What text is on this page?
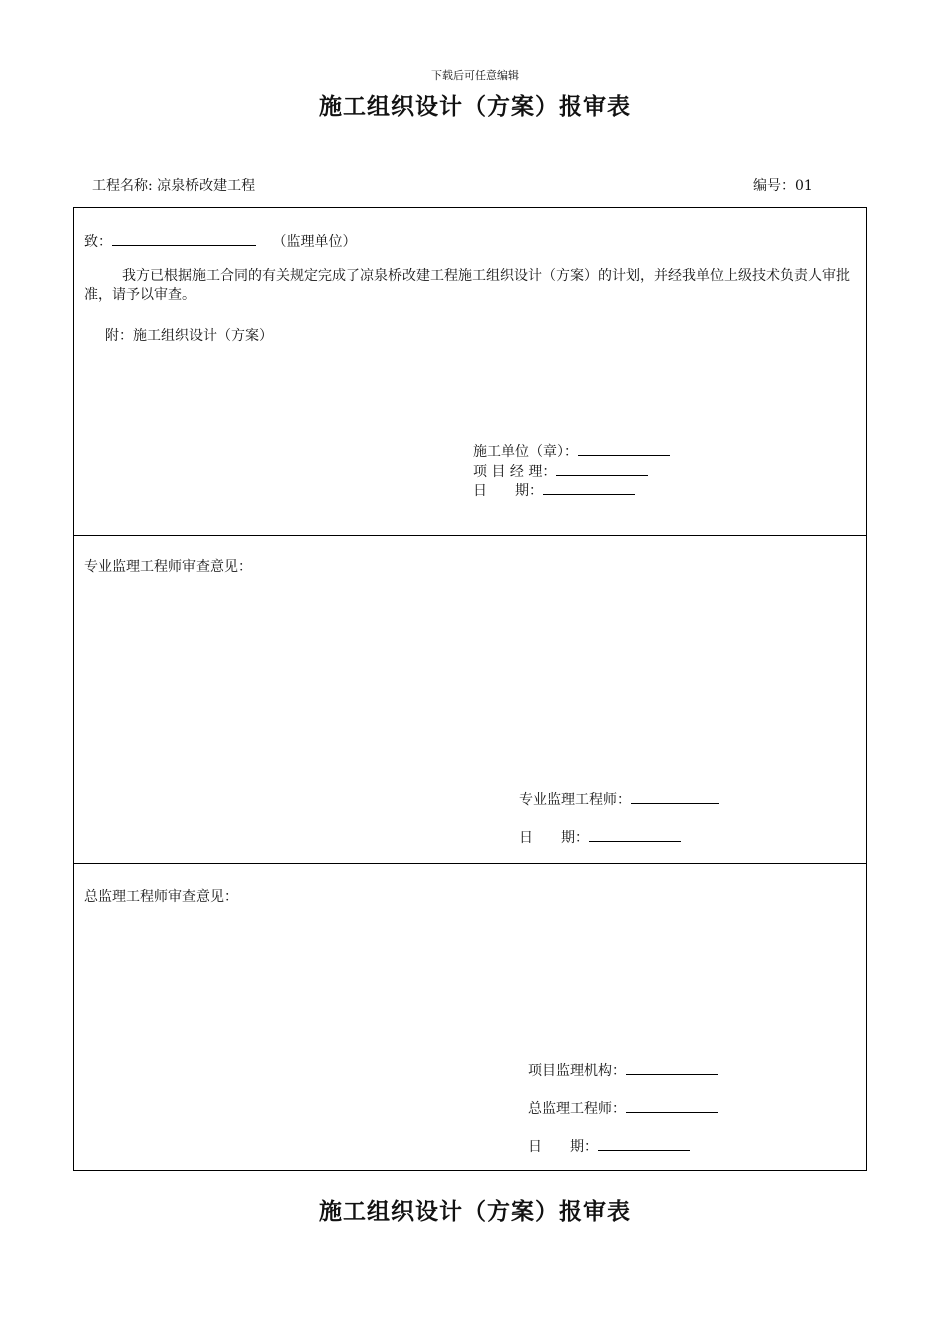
下载后可任意编辑
施工组织设计（方案）报审表
工程名称: 凉泉桥改建工程	编号：01
致：	（监理单位）
我方已根据施工合同的有关规定完成了凉泉桥改建工程施工组织设计（方案）的计划，并经我单位上级技术负责人审批准，请予以审查。
附：施工组织设计（方案）
施工单位（章）：
项 目 经 理：
日　　期：
专业监理工程师审查意见：
专业监理工程师：
日　　期：
总监理工程师审查意见：
项目监理机构：
总监理工程师：
日　　期：
施工组织设计（方案）报审表
